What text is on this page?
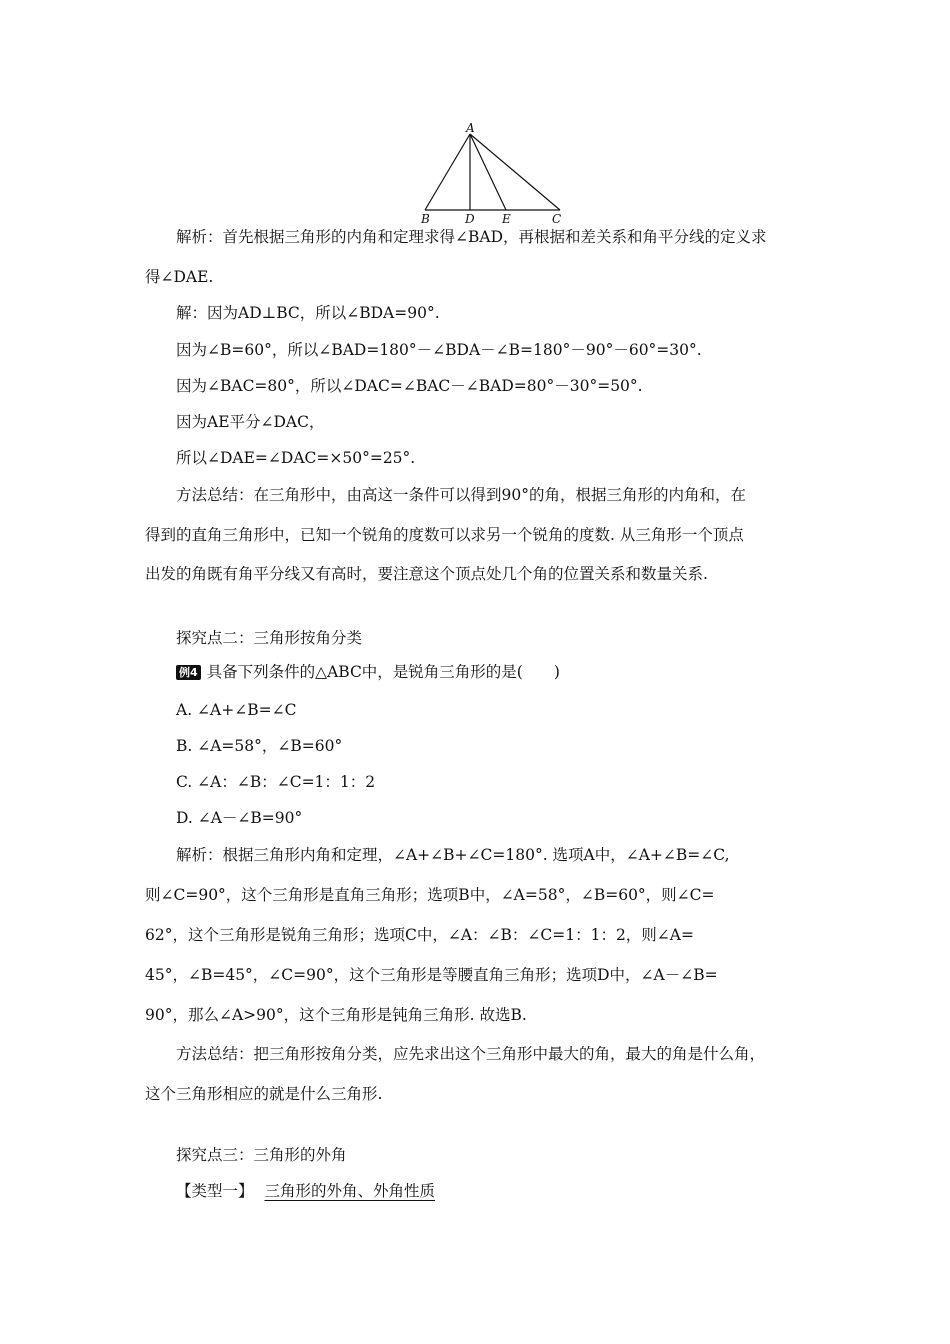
A
B	D E	C
解析：首先根据三角形的内角和定理求得∠BAD，再根据和差关系和角平分线的定义求
得∠DAE.
解：因为AD⊥BC，所以∠BDA=90°.
因为∠B=60°，所以∠BAD=180°－∠BDA－∠B=180°－90°－60°=30°.
因为∠BAC=80°，所以∠DAC=∠BAC－∠BAD=80°－30°=50°.
因为AE平分∠DAC，
所以∠DAE=∠DAC=×50°=25°.
方法总结：在三角形中，由高这一条件可以得到90°的角，根据三角形的内角和，在
得到的直角三角形中，已知一个锐角的度数可以求另一个锐角的度数. 从三角形一个顶点
出发的角既有角平分线又有高时，要注意这个顶点处几个角的位置关系和数量关系.
探究点二：三角形按角分类
例4 具备下列条件的△ABC中，是锐角三角形的是(　　)
A. ∠A+∠B=∠C
B. ∠A=58°，∠B=60°
C. ∠A：∠B：∠C=1：1：2
D. ∠A－∠B=90°
解析：根据三角形内角和定理，∠A+∠B+∠C=180°. 选项A中，∠A+∠B=∠C,
则∠C=90°，这个三角形是直角三角形；选项B中，∠A=58°，∠B=60°，则∠C=
62°，这个三角形是锐角三角形；选项C中，∠A：∠B：∠C=1：1：2，则∠A=
45°，∠B=45°，∠C=90°，这个三角形是等腰直角三角形；选项D中，∠A－∠B=
90°，那么∠A>90°，这个三角形是钝角三角形. 故选B.
方法总结：把三角形按角分类，应先求出这个三角形中最大的角，最大的角是什么角，
这个三角形相应的就是什么三角形.
探究点三：三角形的外角
【类型一】 三角形的外角、外角性质
